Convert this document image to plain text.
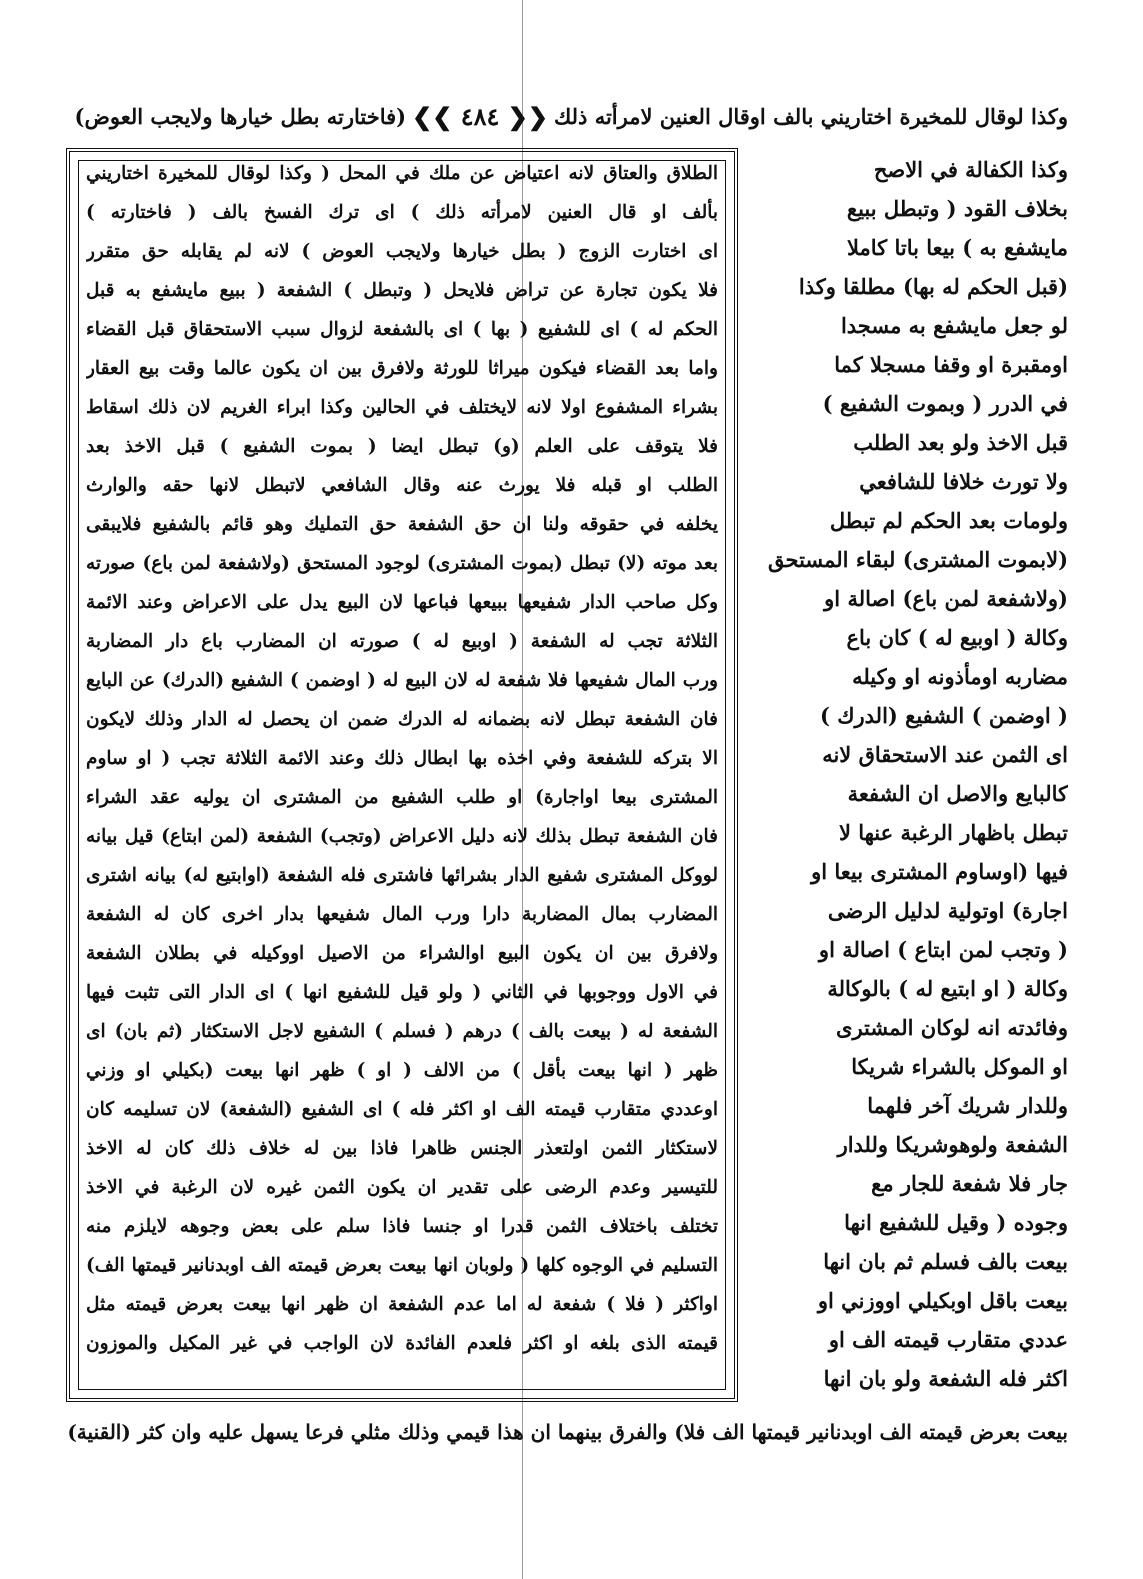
وكذا لوقال للمخيرة اختاريني بالف اوقال العنين لامرأته ذلك
❮❮ ٤٨٤ ❯❯
(فاختارته بطل خيارها ولايجب العوض)
الطلاق والعتاق لانه اعتياض عن ملك في المحل ( وكذا لوقال للمخيرة اختاريني
بألف او قال العنين لامرأته ذلك ) اى ترك الفسخ بالف ( فاختارته )
اى اختارت الزوج ( بطل خيارها ولايجب العوض ) لانه لم يقابله حق متقرر
فلا يكون تجارة عن تراض فلايحل ( وتبطل ) الشفعة ( ببيع مايشفع به قبل
الحكم له ) اى للشفيع ( بها ) اى بالشفعة لزوال سبب الاستحقاق قبل القضاء
واما بعد القضاء فيكون ميراثا للورثة ولافرق بين ان يكون عالما وقت بيع العقار
بشراء المشفوع اولا لانه لايختلف في الحالين وكذا ابراء الغريم لان ذلك اسقاط
فلا يتوقف على العلم (و) تبطل ايضا ( بموت الشفيع ) قبل الاخذ بعد
الطلب او قبله فلا يورث عنه وقال الشافعي لاتبطل لانها حقه والوارث
يخلفه في حقوقه ولنا ان حق الشفعة حق التمليك وهو قائم بالشفيع فلايبقى
بعد موته (لا) تبطل (بموت المشترى) لوجود المستحق (ولاشفعة لمن باع) صورته
وكل صاحب الدار شفيعها ببيعها فباعها لان البيع يدل على الاعراض وعند الائمة
الثلاثة تجب له الشفعة ( اوبيع له ) صورته ان المضارب باع دار المضاربة
ورب المال شفيعها فلا شفعة له لان البيع له ( اوضمن ) الشفيع (الدرك) عن البايع
فان الشفعة تبطل لانه بضمانه له الدرك ضمن ان يحصل له الدار وذلك لايكون
الا بتركه للشفعة وفي اخذه بها ابطال ذلك وعند الائمة الثلاثة تجب ( او ساوم
المشترى بيعا اواجارة) او طلب الشفيع من المشترى ان يوليه عقد الشراء
فان الشفعة تبطل بذلك لانه دليل الاعراض (وتجب) الشفعة (لمن ابتاع) قيل بيانه
لووكل المشترى شفيع الدار بشرائها فاشترى فله الشفعة (اوابتيع له) بيانه اشترى
المضارب بمال المضاربة دارا ورب المال شفيعها بدار اخرى كان له الشفعة
ولافرق بين ان يكون البيع اوالشراء من الاصيل اووكيله في بطلان الشفعة
في الاول ووجوبها في الثاني ( ولو قيل للشفيع انها ) اى الدار التى تثبت فيها
الشفعة له ( بيعت بالف ) درهم ( فسلم ) الشفيع لاجل الاستكثار (ثم بان) اى
ظهر ( انها بيعت بأقل ) من الالف ( او ) ظهر انها بيعت (بكيلي او وزني
اوعددي متقارب قيمته الف او اكثر فله ) اى الشفيع (الشفعة) لان تسليمه كان
لاستكثار الثمن اولتعذر الجنس ظاهرا فاذا بين له خلاف ذلك كان له الاخذ
للتيسير وعدم الرضى على تقدير ان يكون الثمن غيره لان الرغبة في الاخذ
تختلف باختلاف الثمن قدرا او جنسا فاذا سلم على بعض وجوهه لايلزم منه
التسليم في الوجوه كلها ( ولوبان انها بيعت بعرض قيمته الف اوبدنانير قيمتها الف)
اواكثر ( فلا ) شفعة له اما عدم الشفعة ان ظهر انها بيعت بعرض قيمته مثل
قيمته الذى بلغه او اكثر فلعدم الفائدة لان الواجب في غير المكيل والموزون
وكذا الكفالة في الاصح
بخلاف القود ( وتبطل ببيع
مايشفع به ) بيعا باتا كاملا
(قبل الحكم له بها) مطلقا وكذا
لو جعل مايشفع به مسجدا
اومقبرة او وقفا مسجلا كما
في الدرر ( وبموت الشفيع )
قبل الاخذ ولو بعد الطلب
ولا تورث خلافا للشافعي
ولومات بعد الحكم لم تبطل
(لابموت المشترى) لبقاء المستحق
(ولاشفعة لمن باع) اصالة او
وكالة ( اوبيع له ) كان باع
مضاربه اومأذونه او وكيله
( اوضمن ) الشفيع (الدرك )
اى الثمن عند الاستحقاق لانه
كالبايع والاصل ان الشفعة
تبطل باظهار الرغبة عنها لا
فيها (اوساوم المشترى بيعا او
اجارة) اوتولية لدليل الرضى
( وتجب لمن ابتاع ) اصالة او
وكالة ( او ابتيع له ) بالوكالة
وفائدته انه لوكان المشترى
او الموكل بالشراء شريكا
وللدار شريك آخر فلهما
الشفعة ولوهوشريكا وللدار
جار فلا شفعة للجار مع
وجوده ( وقيل للشفيع انها
بيعت بالف فسلم ثم بان انها
بيعت باقل اوبكيلي اووزني او
عددي متقارب قيمته الف او
اكثر فله الشفعة ولو بان انها
بيعت بعرض قيمته الف اوبدنانير قيمتها الف فلا) والفرق بينهما ان هذا قيمي وذلك مثلي فرعا يسهل عليه وان كثر (القنية)
